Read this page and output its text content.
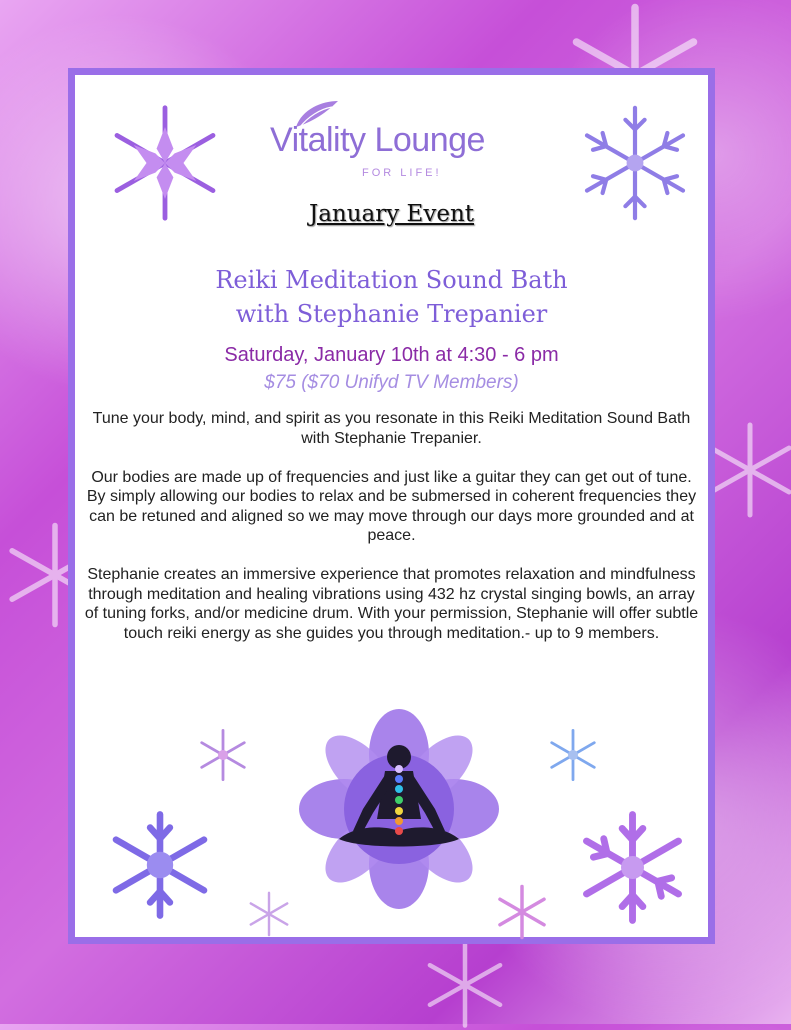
Vitality Lounge
FOR LIFE!
January Event
Reiki Meditation Sound Bath
with Stephanie Trepanier
Saturday, January 10th at 4:30 - 6 pm
$75 ($70 Unifyd TV Members)

Tune your body, mind, and spirit as you resonate in this Reiki Meditation Sound Bath with Stephanie Trepanier.

Our bodies are made up of frequencies and just like a guitar they can get out of tune. By simply allowing our bodies to relax and be submersed in coherent frequencies they can be retuned and aligned so we may move through our days more grounded and at peace.

Stephanie creates an immersive experience that promotes relaxation and mindfulness through meditation and healing vibrations using 432 hz crystal singing bowls, an array of tuning forks, and/or medicine drum. With your permission, Stephanie will offer subtle touch reiki energy as she guides you through meditation.- up to 9 members.
